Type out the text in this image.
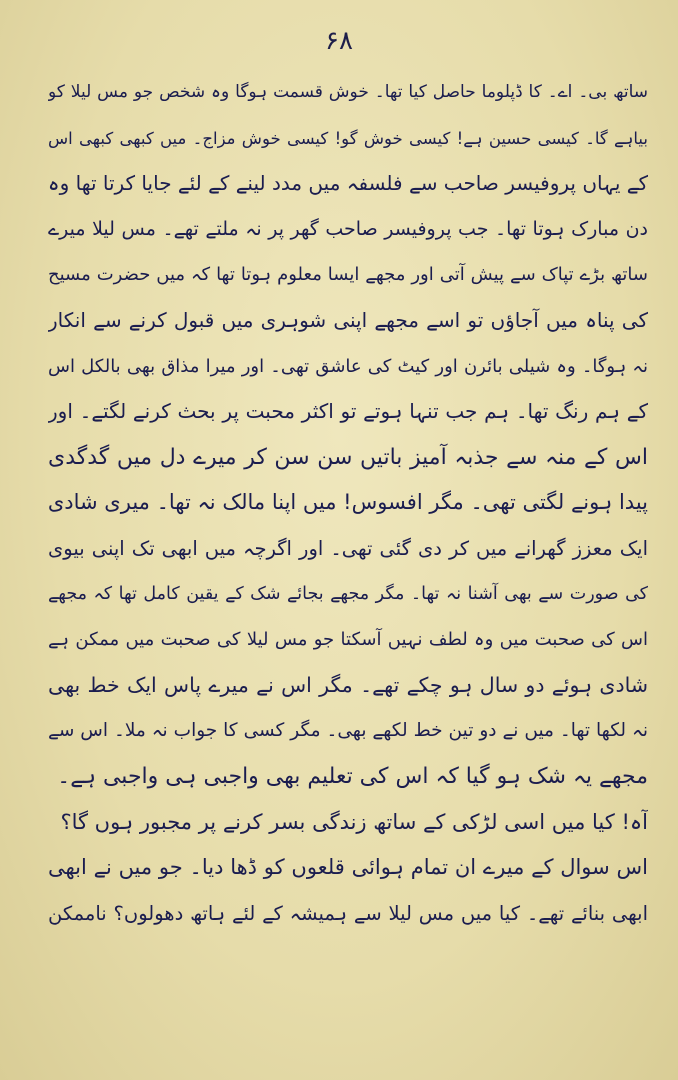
۶۸
ساتھ بی۔ اے۔ کا ڈپلوما حاصل کیا تھا۔ خوش قسمت ہوگا وہ شخص جو مس لیلا کو
بیاہے گا۔ کیسی حسین ہے! کیسی خوش گو! کیسی خوش مزاج۔ میں کبھی کبھی اس
کے یہاں پروفیسر صاحب سے فلسفہ میں مدد لینے کے لئے جایا کرتا تھا وہ
دن مبارک ہوتا تھا۔ جب پروفیسر صاحب گھر پر نہ ملتے تھے۔ مس لیلا میرے
ساتھ بڑے تپاک سے پیش آتی اور مجھے ایسا معلوم ہوتا تھا کہ میں حضرت مسیح
کی پناہ میں آجاؤں تو اسے مجھے اپنی شوہری میں قبول کرنے سے انکار
نہ ہوگا۔ وہ شیلی بائرن اور کیٹ کی عاشق تھی۔ اور میرا مذاق بھی بالکل اس
کے ہم رنگ تھا۔ ہم جب تنہا ہوتے تو اکثر محبت پر بحث کرنے لگتے۔ اور
اس کے منہ سے جذبہ آمیز باتیں سن سن کر میرے دل میں گدگدی
پیدا ہونے لگتی تھی۔ مگر افسوس! میں اپنا مالک نہ تھا۔ میری شادی
ایک معزز گھرانے میں کر دی گئی تھی۔ اور اگرچہ میں ابھی تک اپنی بیوی
کی صورت سے بھی آشنا نہ تھا۔ مگر مجھے بجائے شک کے یقین کامل تھا کہ مجھے
اس کی صحبت میں وہ لطف نہیں آسکتا جو مس لیلا کی صحبت میں ممکن ہے
شادی ہوئے دو سال ہو چکے تھے۔ مگر اس نے میرے پاس ایک خط بھی
نہ لکھا تھا۔ میں نے دو تین خط لکھے بھی۔ مگر کسی کا جواب نہ ملا۔ اس سے
مجھے یہ شک ہو گیا کہ اس کی تعلیم بھی واجبی ہی واجبی ہے۔
آہ! کیا میں اسی لڑکی کے ساتھ زندگی بسر کرنے پر مجبور ہوں گا؟
اس سوال کے میرے ان تمام ہوائی قلعوں کو ڈھا دیا۔ جو میں نے ابھی
ابھی بنائے تھے۔ کیا میں مس لیلا سے ہمیشہ کے لئے ہاتھ دھولوں؟ ناممکن
